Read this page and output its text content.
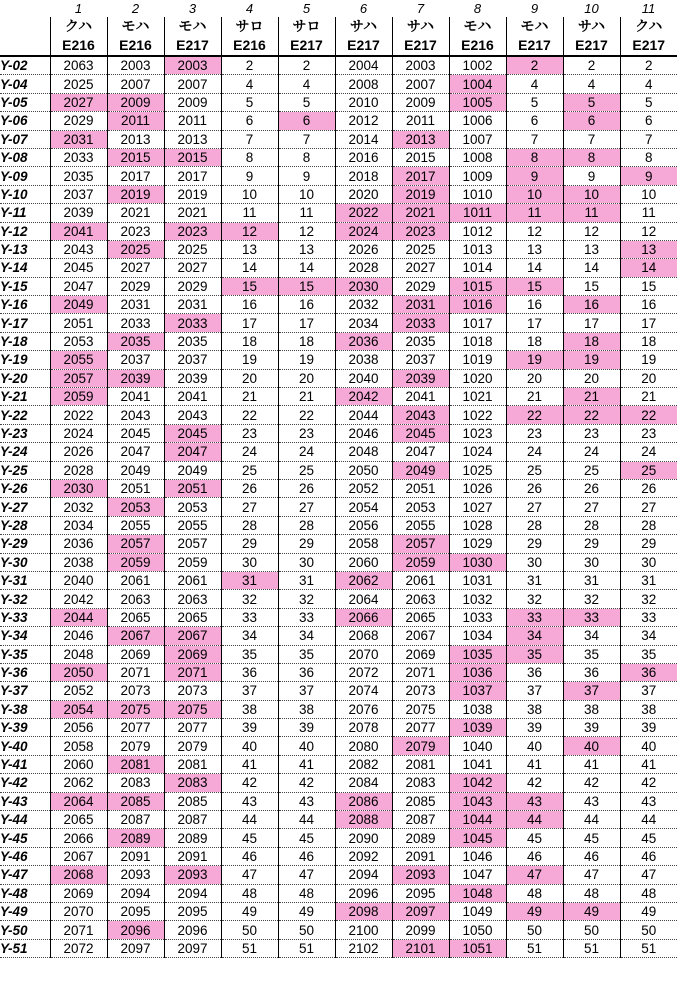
	1	2	3	4	5	6	7	8	9	10	11
	クハ	モハ	モハ	サロ	サロ	サハ	サハ	モハ	モハ	サハ	クハ
	E216	E216	E217	E216	E217	E217	E217	E216	E217	E217	E217
Y-02	2063	2003	2003	2	2	2004	2003	1002	2	2	2
Y-04	2025	2007	2007	4	4	2008	2007	1004	4	4	4
Y-05	2027	2009	2009	5	5	2010	2009	1005	5	5	5
Y-06	2029	2011	2011	6	6	2012	2011	1006	6	6	6
Y-07	2031	2013	2013	7	7	2014	2013	1007	7	7	7
Y-08	2033	2015	2015	8	8	2016	2015	1008	8	8	8
Y-09	2035	2017	2017	9	9	2018	2017	1009	9	9	9
Y-10	2037	2019	2019	10	10	2020	2019	1010	10	10	10
Y-11	2039	2021	2021	11	11	2022	2021	1011	11	11	11
Y-12	2041	2023	2023	12	12	2024	2023	1012	12	12	12
Y-13	2043	2025	2025	13	13	2026	2025	1013	13	13	13
Y-14	2045	2027	2027	14	14	2028	2027	1014	14	14	14
Y-15	2047	2029	2029	15	15	2030	2029	1015	15	15	15
Y-16	2049	2031	2031	16	16	2032	2031	1016	16	16	16
Y-17	2051	2033	2033	17	17	2034	2033	1017	17	17	17
Y-18	2053	2035	2035	18	18	2036	2035	1018	18	18	18
Y-19	2055	2037	2037	19	19	2038	2037	1019	19	19	19
Y-20	2057	2039	2039	20	20	2040	2039	1020	20	20	20
Y-21	2059	2041	2041	21	21	2042	2041	1021	21	21	21
Y-22	2022	2043	2043	22	22	2044	2043	1022	22	22	22
Y-23	2024	2045	2045	23	23	2046	2045	1023	23	23	23
Y-24	2026	2047	2047	24	24	2048	2047	1024	24	24	24
Y-25	2028	2049	2049	25	25	2050	2049	1025	25	25	25
Y-26	2030	2051	2051	26	26	2052	2051	1026	26	26	26
Y-27	2032	2053	2053	27	27	2054	2053	1027	27	27	27
Y-28	2034	2055	2055	28	28	2056	2055	1028	28	28	28
Y-29	2036	2057	2057	29	29	2058	2057	1029	29	29	29
Y-30	2038	2059	2059	30	30	2060	2059	1030	30	30	30
Y-31	2040	2061	2061	31	31	2062	2061	1031	31	31	31
Y-32	2042	2063	2063	32	32	2064	2063	1032	32	32	32
Y-33	2044	2065	2065	33	33	2066	2065	1033	33	33	33
Y-34	2046	2067	2067	34	34	2068	2067	1034	34	34	34
Y-35	2048	2069	2069	35	35	2070	2069	1035	35	35	35
Y-36	2050	2071	2071	36	36	2072	2071	1036	36	36	36
Y-37	2052	2073	2073	37	37	2074	2073	1037	37	37	37
Y-38	2054	2075	2075	38	38	2076	2075	1038	38	38	38
Y-39	2056	2077	2077	39	39	2078	2077	1039	39	39	39
Y-40	2058	2079	2079	40	40	2080	2079	1040	40	40	40
Y-41	2060	2081	2081	41	41	2082	2081	1041	41	41	41
Y-42	2062	2083	2083	42	42	2084	2083	1042	42	42	42
Y-43	2064	2085	2085	43	43	2086	2085	1043	43	43	43
Y-44	2065	2087	2087	44	44	2088	2087	1044	44	44	44
Y-45	2066	2089	2089	45	45	2090	2089	1045	45	45	45
Y-46	2067	2091	2091	46	46	2092	2091	1046	46	46	46
Y-47	2068	2093	2093	47	47	2094	2093	1047	47	47	47
Y-48	2069	2094	2094	48	48	2096	2095	1048	48	48	48
Y-49	2070	2095	2095	49	49	2098	2097	1049	49	49	49
Y-50	2071	2096	2096	50	50	2100	2099	1050	50	50	50
Y-51	2072	2097	2097	51	51	2102	2101	1051	51	51	51
